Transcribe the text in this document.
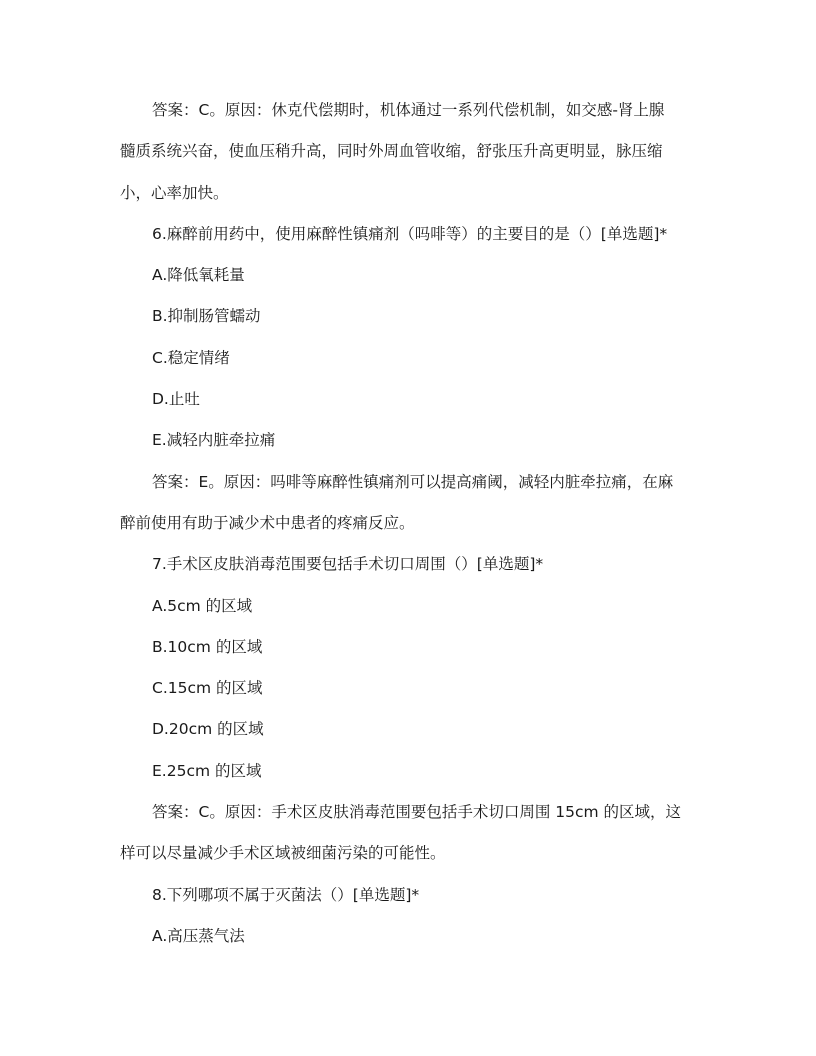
答案：C。原因：休克代偿期时，机体通过一系列代偿机制，如交感-肾上腺
髓质系统兴奋，使血压稍升高，同时外周血管收缩，舒张压升高更明显，脉压缩
小，心率加快。

6.麻醉前用药中，使用麻醉性镇痛剂（吗啡等）的主要目的是（）[单选题]*

A.降低氧耗量

B.抑制肠管蠕动

C.稳定情绪

D.止吐

E.减轻内脏牵拉痛

答案：E。原因：吗啡等麻醉性镇痛剂可以提高痛阈，减轻内脏牵拉痛，在麻
醉前使用有助于减少术中患者的疼痛反应。

7.手术区皮肤消毒范围要包括手术切口周围（）[单选题]*

A.5cm 的区域

B.10cm 的区域

C.15cm 的区域

D.20cm 的区域

E.25cm 的区域

答案：C。原因：手术区皮肤消毒范围要包括手术切口周围 15cm 的区域，这
样可以尽量减少手术区域被细菌污染的可能性。

8.下列哪项不属于灭菌法（）[单选题]*

A.高压蒸气法
